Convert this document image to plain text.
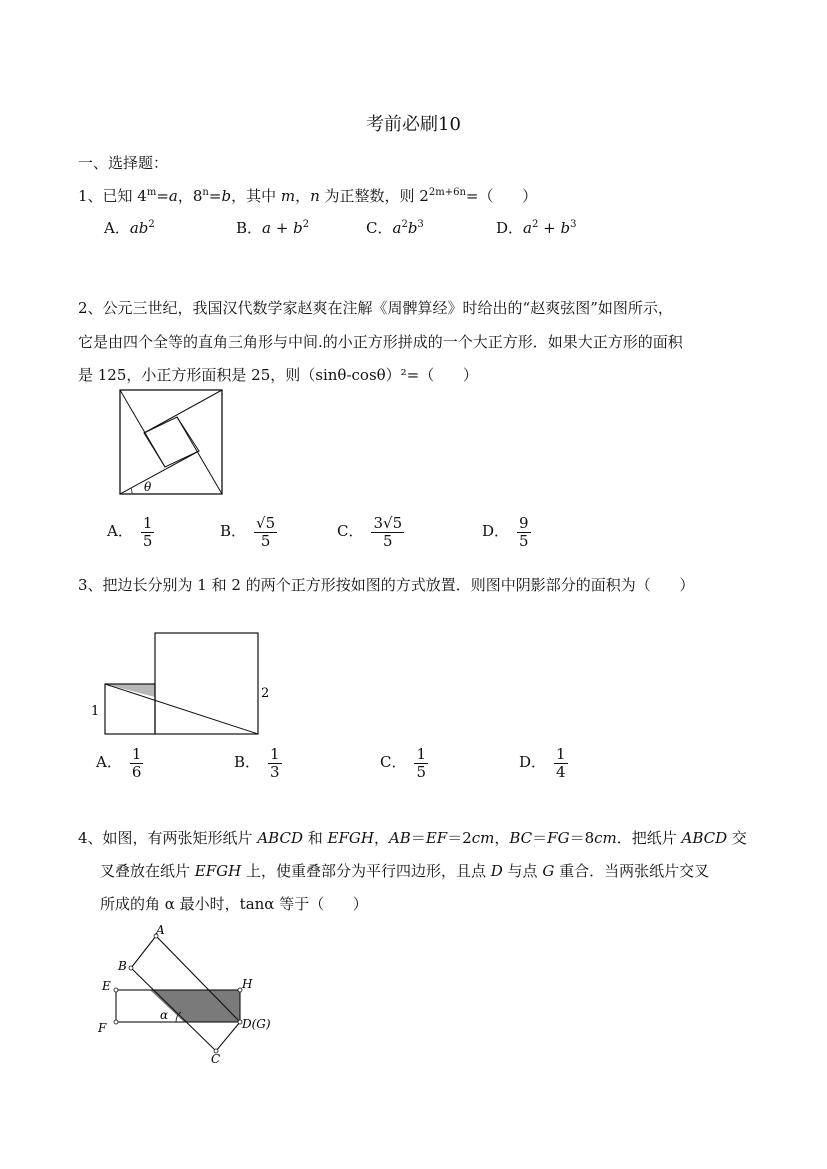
考前必刷10
一、选择题：
1、已知 $4^m=a$，$8^n=b$，其中 m，n 为正整数，则 $2^{2m+6n}=$（      ）
A．$ab^2$	B．$a + b^2$	C．$a^2b^3$	D．$a^2 + b^3$
2、公元三世纪，我国汉代数学家赵爽在注解《周髀算经》时给出的“赵爽弦图”如图所示，
它是由四个全等的直角三角形与中间.的小正方形拼成的一个大正方形．如果大正方形的面积
是 125，小正方形面积是 25，则（sinθ-cosθ）²=（      ）
θ
A． $\frac{1}{5}$	B． $\frac{√5}{5}$	C． $\frac{3√5}{5}$	D． $\frac{9}{5}$
3、把边长分别为 1 和 2 的两个正方形按如图的方式放置．则图中阴影部分的面积为（      ）
1
2
A． $\frac{1}{6}$	B． $\frac{1}{3}$	C． $\frac{1}{5}$	D． $\frac{1}{4}$
4、如图，有两张矩形纸片 ABCD 和 EFGH，AB＝EF＝2cm，BC＝FG＝8cm．把纸片 ABCD 交
叉叠放在纸片 EFGH 上，使重叠部分为平行四边形，且点 D 与点 G 重合．当两张纸片交叉
所成的角 α 最小时，tanα 等于（      ）
A
B
E	H
F	D(G)
C
α
